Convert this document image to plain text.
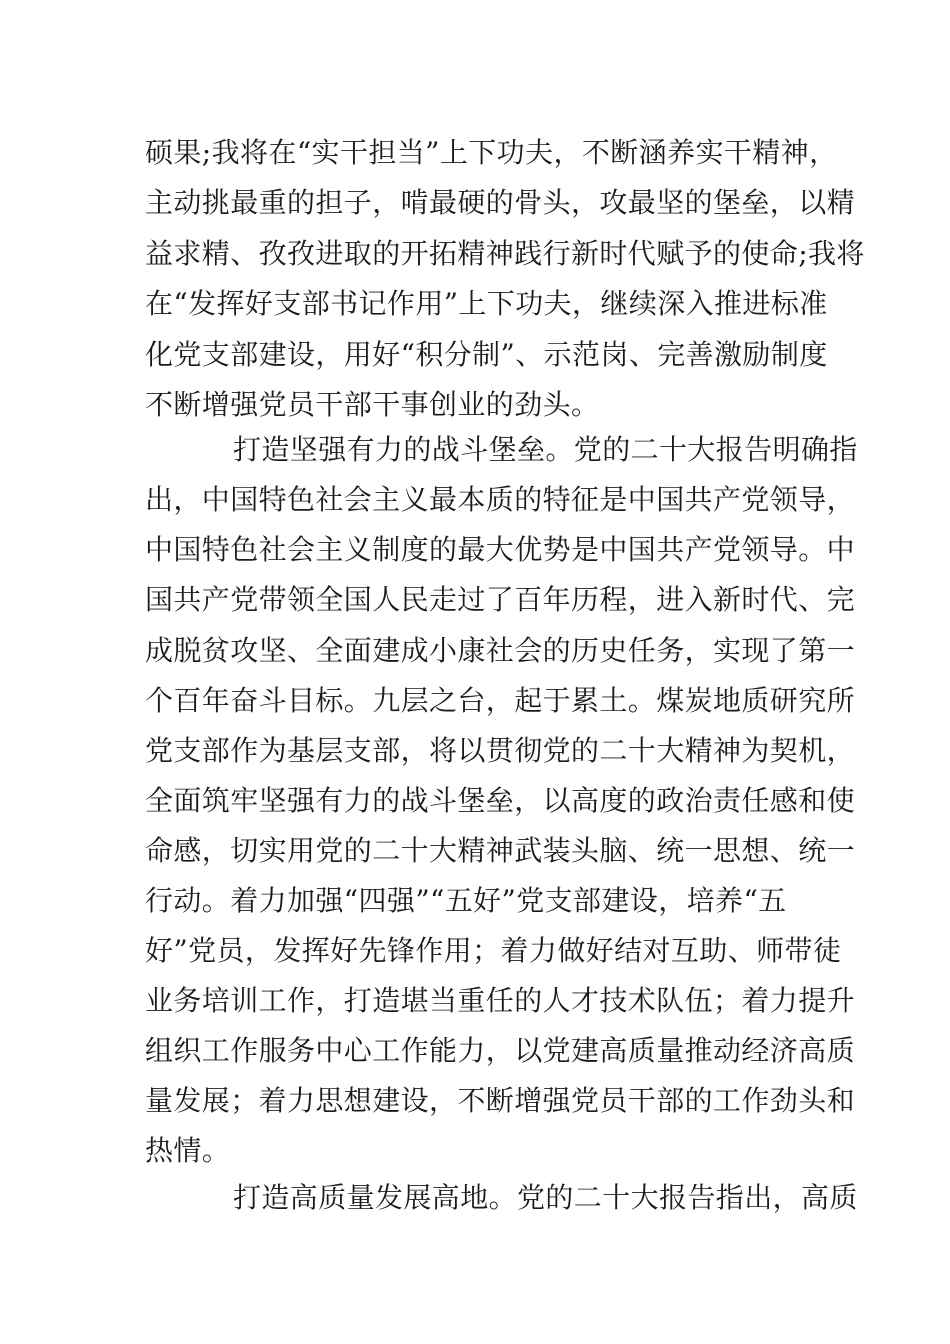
硕果;我将在“实干担当”上下功夫，不断涵养实干精神，
主动挑最重的担子，啃最硬的骨头，攻最坚的堡垒，以精
益求精、孜孜进取的开拓精神践行新时代赋予的使命;我将
在“发挥好支部书记作用”上下功夫，继续深入推进标准
化党支部建设，用好“积分制”、示范岗、完善激励制度
不断增强党员干部干事创业的劲头。
打造坚强有力的战斗堡垒。党的二十大报告明确指
出，中国特色社会主义最本质的特征是中国共产党领导，
中国特色社会主义制度的最大优势是中国共产党领导。中
国共产党带领全国人民走过了百年历程，进入新时代、完
成脱贫攻坚、全面建成小康社会的历史任务，实现了第一
个百年奋斗目标。九层之台，起于累土。煤炭地质研究所
党支部作为基层支部，将以贯彻党的二十大精神为契机，
全面筑牢坚强有力的战斗堡垒，以高度的政治责任感和使
命感，切实用党的二十大精神武装头脑、统一思想、统一
行动。着力加强“四强”“五好”党支部建设，培养“五
好”党员，发挥好先锋作用；着力做好结对互助、师带徒
业务培训工作，打造堪当重任的人才技术队伍；着力提升
组织工作服务中心工作能力，以党建高质量推动经济高质
量发展；着力思想建设，不断增强党员干部的工作劲头和
热情。
打造高质量发展高地。党的二十大报告指出，高质
